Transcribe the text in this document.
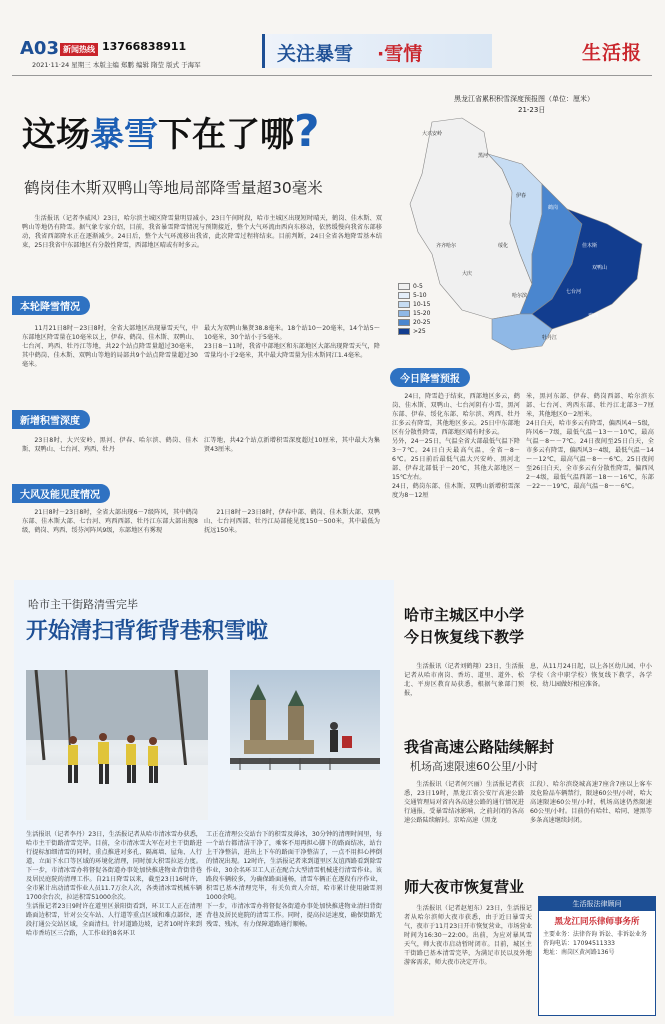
A03 新闻热线 13766838911
2021·11·24 星期三 本版主编 郑鹏 编辑 隋莹 版式 于海军	关注暴雪 ·雪情	生活报
这场暴雪下在了哪?
鹤岗佳木斯双鸭山等地局部降雪量超30毫米
生活报讯（记者李威风）23日，哈尔滨主城区降雪量明显减小，23日午间时段，哈市主城区出现短时晴天，鹤岗、佳木斯、双鸭山等地仍有降雪。据气象专家介绍，目前，我省暴雪降雪情况与预期接近，整个大气环流由西向东移动，依然缓慢向我省东部移动，我省西部降水正在逐渐减少。24日后，整个大气环流移出我省，此次降雪过程将结束。目前判断，24日全省各地降雪基本结束，25日我省中东部地区有分散性降雪，西部地区晴或有时多云。
黑龙江省累积积雪深度预报图（单位：厘米）
21-23日
0-5
5-10
10-15
15-20
20-25
>25
大兴安岭
黑河
伊春
鹤岗
齐齐哈尔	绥化	佳木斯
双鸭山
大庆
哈尔滨
七台河
鸡西
牡丹江
本轮降雪情况
11月21日8时－23日8时，全省大部地区出现暴雪天气，中东部地区降雪量在10毫米以上，伊春、鹤岗、佳木斯、双鸭山、七台河、鸡西、牡丹江等地，共22个站点降雪量超过30毫米，其中鹤岗、佳木斯、双鸭山等地的局部共9个站点降雪量超过30毫米。
最大为双鸭山集贤38.8毫米。18个站10～20毫米，14个站5～10毫米，30个站小于5毫米。
23日8－11时，我省中部地区和东部地区大部出现降雪天气，降雪量均小于2毫米，其中最大降雪量为佳木斯同江1.4毫米。
新增积雪深度
23日8时，大兴安岭、黑河、伊春、哈尔滨、鹤岗、佳木斯、双鸭山、七台河、鸡西、牡丹
江等地，共42个站点新增积雪深度超过10厘米，其中最大为集贤43厘米。
大风及能见度情况
21日8时－23日8时，全省大部出现6－7级阵风，其中鹤岗东部、佳木斯大部、七台河、鸡西西部、牡丹江东部大部出现8级，鹤岗、鸡西、绥芬河阵风9级，东部地区有雾现
21日8时－23日8时，伊春中部、鹤岗、佳木斯大部、双鸭山、七台河西部、牡丹江局部能见度150－500米，其中最低为抚远150米。
今日降雪预报
24日，降雪趋于结束，西部地区多云，鹤岗、佳木斯、双鸭山、七台河阴有小雪，黑河东部、伊春、绥化东部、哈尔滨、鸡西、牡丹江多云有降雪，其他地区多云。25日中东部地区有分散性降雪，西部地区晴有时多云。
另外，24－25日，气温全省大部最低气温下降3－7℃。24日白天最高气温，全省－8－6℃。25日前后最低气温大兴安岭、黑河北部、伊春北部低于－20℃，其他大部地区－15℃左右。
24日，鹤岗东部、佳木斯、双鸭山新增积雪深度为8－12厘
米，黑河东部、伊春、鹤岗西部、哈尔滨东部、七台河、鸡西东部、牡丹江北部3－7厘米，其他地区0－2厘米。
24日白天，哈市多云有降雪，偏西风4－5级，阵风6－7级，最低气温－13～－10℃，最高气温－8～－7℃。24日夜间至25日白天，全市多云有降雪，偏西风3－4级，最低气温－14～－12℃，最高气温－8～－6℃。25日夜间至26日白天，全市多云有分散性降雪，偏西风2－4级，最低气温西部－18～－16℃，东部－22～－19℃，最高气温－8～－6℃。
哈市主干街路清雪完毕
开始清扫背街背巷积雪啦
生活报讯（记者李丹）23日，生活报记者从哈市清冰雪办获悉，哈市主干街路清雪完毕。目前，全市清冰雪大军在对主干街路进行提标加细清雪的同时，重点推进对多孔、隔离墙、屋角、人行道、立面下水口等区域的环境化清理，同时加大积雪拉运力度。下一步，市清冰雪办将督促各街道办事处加快推进物业背街背巷及居民庭院的清理工作。自21日降雪以来，截至23日16时许，全市累计出动清雪作业人员11.7万余人次，各类清冰雪机械车辆1700余台次，拉运积雪51000余次。
生活报记者23日9时许在道里区景阳街看到，环卫工人正在清理路面边积雪，针对公交车站、人行道等重点区域和难点部位，逐段打通公交站区域，全面清扫。针对道路边坡，记者10时许来到哈市香坊区三合路，人工作业的8名环卫
工正在清理公交站台下的积雪及薄冰，30分钟的清理时间里，每一个站台都清洁干净了，乘客不用再担心脚下的路面结冰，站台上干净整洁，进出上下车的路面干净整洁了，一点不用担心摔倒的情况出现。12时许，生活报记者来到道里区友谊西路看到除雪作业，30余名环卫工人正在配合大型清雪机械进行清雪作业。该路段车辆较多，为确保路面通畅，清雪车辆正在逐段有序作业，积雪已基本清理完毕，有关负责人介绍，哈市累计使用融雪剂1000余吨。
下一步，市清冰雪办将督促各街道办事处加快推进物业清扫背街背巷及居民庭院的清雪工作。同时，提高拉运速度，确保街路无残雪、残冰，有力保障道路通行顺畅。
哈市主城区中小学
今日恢复线下教学
生活报讯（记者刘鹤翔）23日，生活报记者从哈市南岗、香坊、道里、道外、松北、平房区教育局获悉，根据气象部门预报，
息，从11月24日起，以上各区幼儿园、中小学校（含中职学校）恢复线下教学，各学校、幼儿园做好相应准备。
我省高速公路陆续解封
机场高速限速60公里/小时
生活报讯（记者何兴丽）生活报记者获悉，23日19时，黑龙江省公安厅高速公路交通管理局对省内各高速公路的通行情况进行通报，受暴雪结冰影响，之前封闭的各高速公路陆续解封。京哈高速（黑龙
江段）、哈尔滨绕城高速7座含7座以上客车及危险品车辆禁行，限速60公里/小时，哈大高速限速60公里/小时，机场高速仍然限速60公里/小时。目前仍有哈牡、哈同、建黑等多条高速继续封闭。
师大夜市恢复营业
生活报讯（记者赵旭东）23日，生活报记者从哈尔滨师大夜市获悉，由于近日暴雪天气，夜市于11月23日开市恢复营业，市场营业时间为16:30－22:00。出前，为应对暴风雪天气，师大夜市启动暂时闭市。目前，城区主干街路已基本清雪完毕，为满足市民以及外地游客需求，师大夜市决定开市。
生活报法律顾问
黑龙江同乐律师事务所
主要业务：法律咨询 诉讼、非诉讼业务
咨询电话：17094511333
地址：南岗区黄河路136号
